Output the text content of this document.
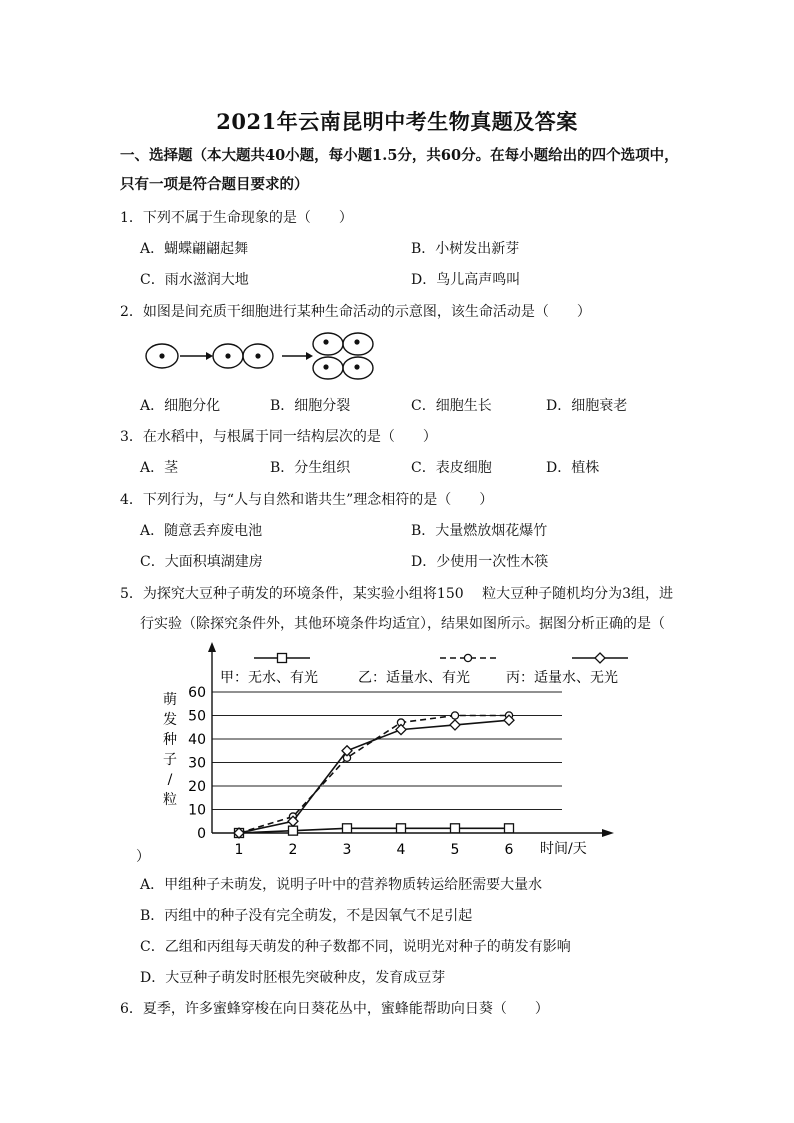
2021年云南昆明中考生物真题及答案
一、选择题（本大题共40小题，每小题1.5分，共60分。在每小题给出的四个选项中，
只有一项是符合题目要求的）
1．下列不属于生命现象的是（　　）
A．蝴蝶翩翩起舞	B．小树发出新芽
C．雨水滋润大地	D．鸟儿高声鸣叫
2．如图是间充质干细胞进行某种生命活动的示意图，该生命活动是（　　）
A．细胞分化	B．细胞分裂	C．细胞生长	D．细胞衰老
3．在水稻中，与根属于同一结构层次的是（　　）
A．茎	B．分生组织	C．表皮细胞	D．植株
4．下列行为，与“人与自然和谐共生”理念相符的是（　　）
A．随意丢弃废电池	B．大量燃放烟花爆竹
C．大面积填湖建房	D．少使用一次性木筷
5．为探究大豆种子萌发的环境条件，某实验小组将150　 粒大豆种子随机均分为3组，进
行实验（除探究条件外，其他环境条件均适宜），结果如图所示。据图分析正确的是（
0
10
20
30
40
50
60
1	2	3	4	5	6 时间/天
萌
发
种
子
/
粒
甲：无水、有光	乙：适量水、有光	丙：适量水、无光
）
A．甲组种子未萌发，说明子叶中的营养物质转运给胚需要大量水
B．丙组中的种子没有完全萌发，不是因氧气不足引起
C．乙组和丙组每天萌发的种子数都不同，说明光对种子的萌发有影响
D．大豆种子萌发时胚根先突破种皮，发育成豆芽
6．夏季，许多蜜蜂穿梭在向日葵花丛中，蜜蜂能帮助向日葵（　　）
